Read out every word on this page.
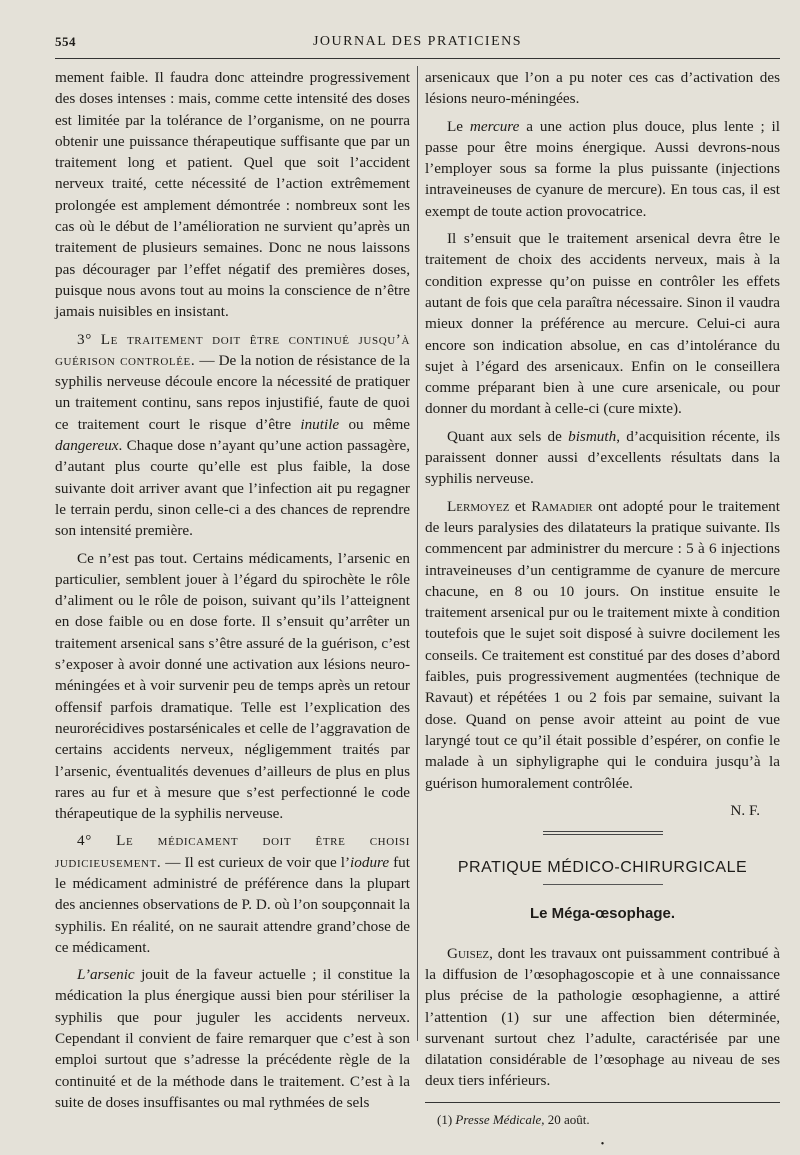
554	JOURNAL DES PRATICIENS

mement faible. Il faudra donc atteindre progressivement des doses intenses : mais, comme cette intensité des doses est limitée par la tolérance de l’organisme, on ne pourra obtenir une puissance thérapeutique suffisante que par un traitement long et patient. Quel que soit l’accident nerveux traité, cette nécessité de l’action extrêmement prolongée est amplement démontrée : nombreux sont les cas où le début de l’amélioration ne survient qu’après un traitement de plusieurs semaines. Donc ne nous laissons pas décourager par l’effet négatif des premières doses, puisque nous avons tout au moins la conscience de n’être jamais nuisibles en insistant.

3° Le traitement doit être continué jusqu’à guérison controlée. — De la notion de résistance de la syphilis nerveuse découle encore la nécessité de pratiquer un traitement continu, sans repos injustifié, faute de quoi ce traitement court le risque d’être inutile ou même dangereux. Chaque dose n’ayant qu’une action passagère, d’autant plus courte qu’elle est plus faible, la dose suivante doit arriver avant que l’infection ait pu regagner le terrain perdu, sinon celle-ci a des chances de reprendre son intensité première.

Ce n’est pas tout. Certains médicaments, l’arsenic en particulier, semblent jouer à l’égard du spirochète le rôle d’aliment ou le rôle de poison, suivant qu’ils l’atteignent en dose faible ou en dose forte. Il s’ensuit qu’arrêter un traitement arsenical sans s’être assuré de la guérison, c’est s’exposer à avoir donné une activation aux lésions neuro-méningées et à voir survenir peu de temps après un retour offensif parfois dramatique. Telle est l’explication des neurorécidives postarsénicales et celle de l’aggravation de certains accidents nerveux, négligemment traités par l’arsenic, éventualités devenues d’ailleurs de plus en plus rares au fur et à mesure que s’est perfectionné le code thérapeutique de la syphilis nerveuse.

4° Le médicament doit être choisi judicieusement. — Il est curieux de voir que l’iodure fut le médicament administré de préférence dans la plupart des anciennes observations de P. D. où l’on soupçonnait la syphilis. En réalité, on ne saurait attendre grand’chose de ce médicament.

L’arsenic jouit de la faveur actuelle ; il constitue la médication la plus énergique aussi bien pour stériliser la syphilis que pour juguler les accidents nerveux. Cependant il convient de faire remarquer que c’est à son emploi surtout que s’adresse la précédente règle de la continuité et de la méthode dans le traitement. C’est à la suite de doses insuffisantes ou mal rythmées de sels

arsenicaux que l’on a pu noter ces cas d’activation des lésions neuro-méningées.

Le mercure a une action plus douce, plus lente ; il passe pour être moins énergique. Aussi devrons-nous l’employer sous sa forme la plus puissante (injections intraveineuses de cyanure de mercure). En tous cas, il est exempt de toute action provocatrice.

Il s’ensuit que le traitement arsenical devra être le traitement de choix des accidents nerveux, mais à la condition expresse qu’on puisse en contrôler les effets autant de fois que cela paraîtra nécessaire. Sinon il vaudra mieux donner la préférence au mercure. Celui-ci aura encore son indication absolue, en cas d’intolérance du sujet à l’égard des arsenicaux. Enfin on le conseillera comme préparant bien à une cure arsenicale, ou pour donner du mordant à celle-ci (cure mixte).

Quant aux sels de bismuth, d’acquisition récente, ils paraissent donner aussi d’excellents résultats dans la syphilis nerveuse.

Lermoyez et Ramadier ont adopté pour le traitement de leurs paralysies des dilatateurs la pratique suivante. Ils commencent par administrer du mercure : 5 à 6 injections intraveineuses d’un centigramme de cyanure de mercure chacune, en 8 ou 10 jours. On institue ensuite le traitement arsenical pur ou le traitement mixte à condition toutefois que le sujet soit disposé à suivre docilement les conseils. Ce traitement est constitué par des doses d’abord faibles, puis progressivement augmentées (technique de Ravaut) et répétées 1 ou 2 fois par semaine, suivant la dose. Quand on pense avoir atteint au point de vue laryngé tout ce qu’il était possible d’espérer, on confie le malade à un siphyligraphe qui le conduira jusqu’à la guérison humoralement contrôlée.

N. F.

PRATIQUE MÉDICO-CHIRURGICALE
Le Méga-œsophage.

Guisez, dont les travaux ont puissamment contribué à la diffusion de l’œsophagoscopie et à une connaissance plus précise de la pathologie œsophagienne, a attiré l’attention (1) sur une affection bien déterminée, survenant surtout chez l’adulte, caractérisée par une dilatation considérable de l’œsophage au niveau de ses deux tiers inférieurs.

(1) Presse Médicale, 20 août.

•
